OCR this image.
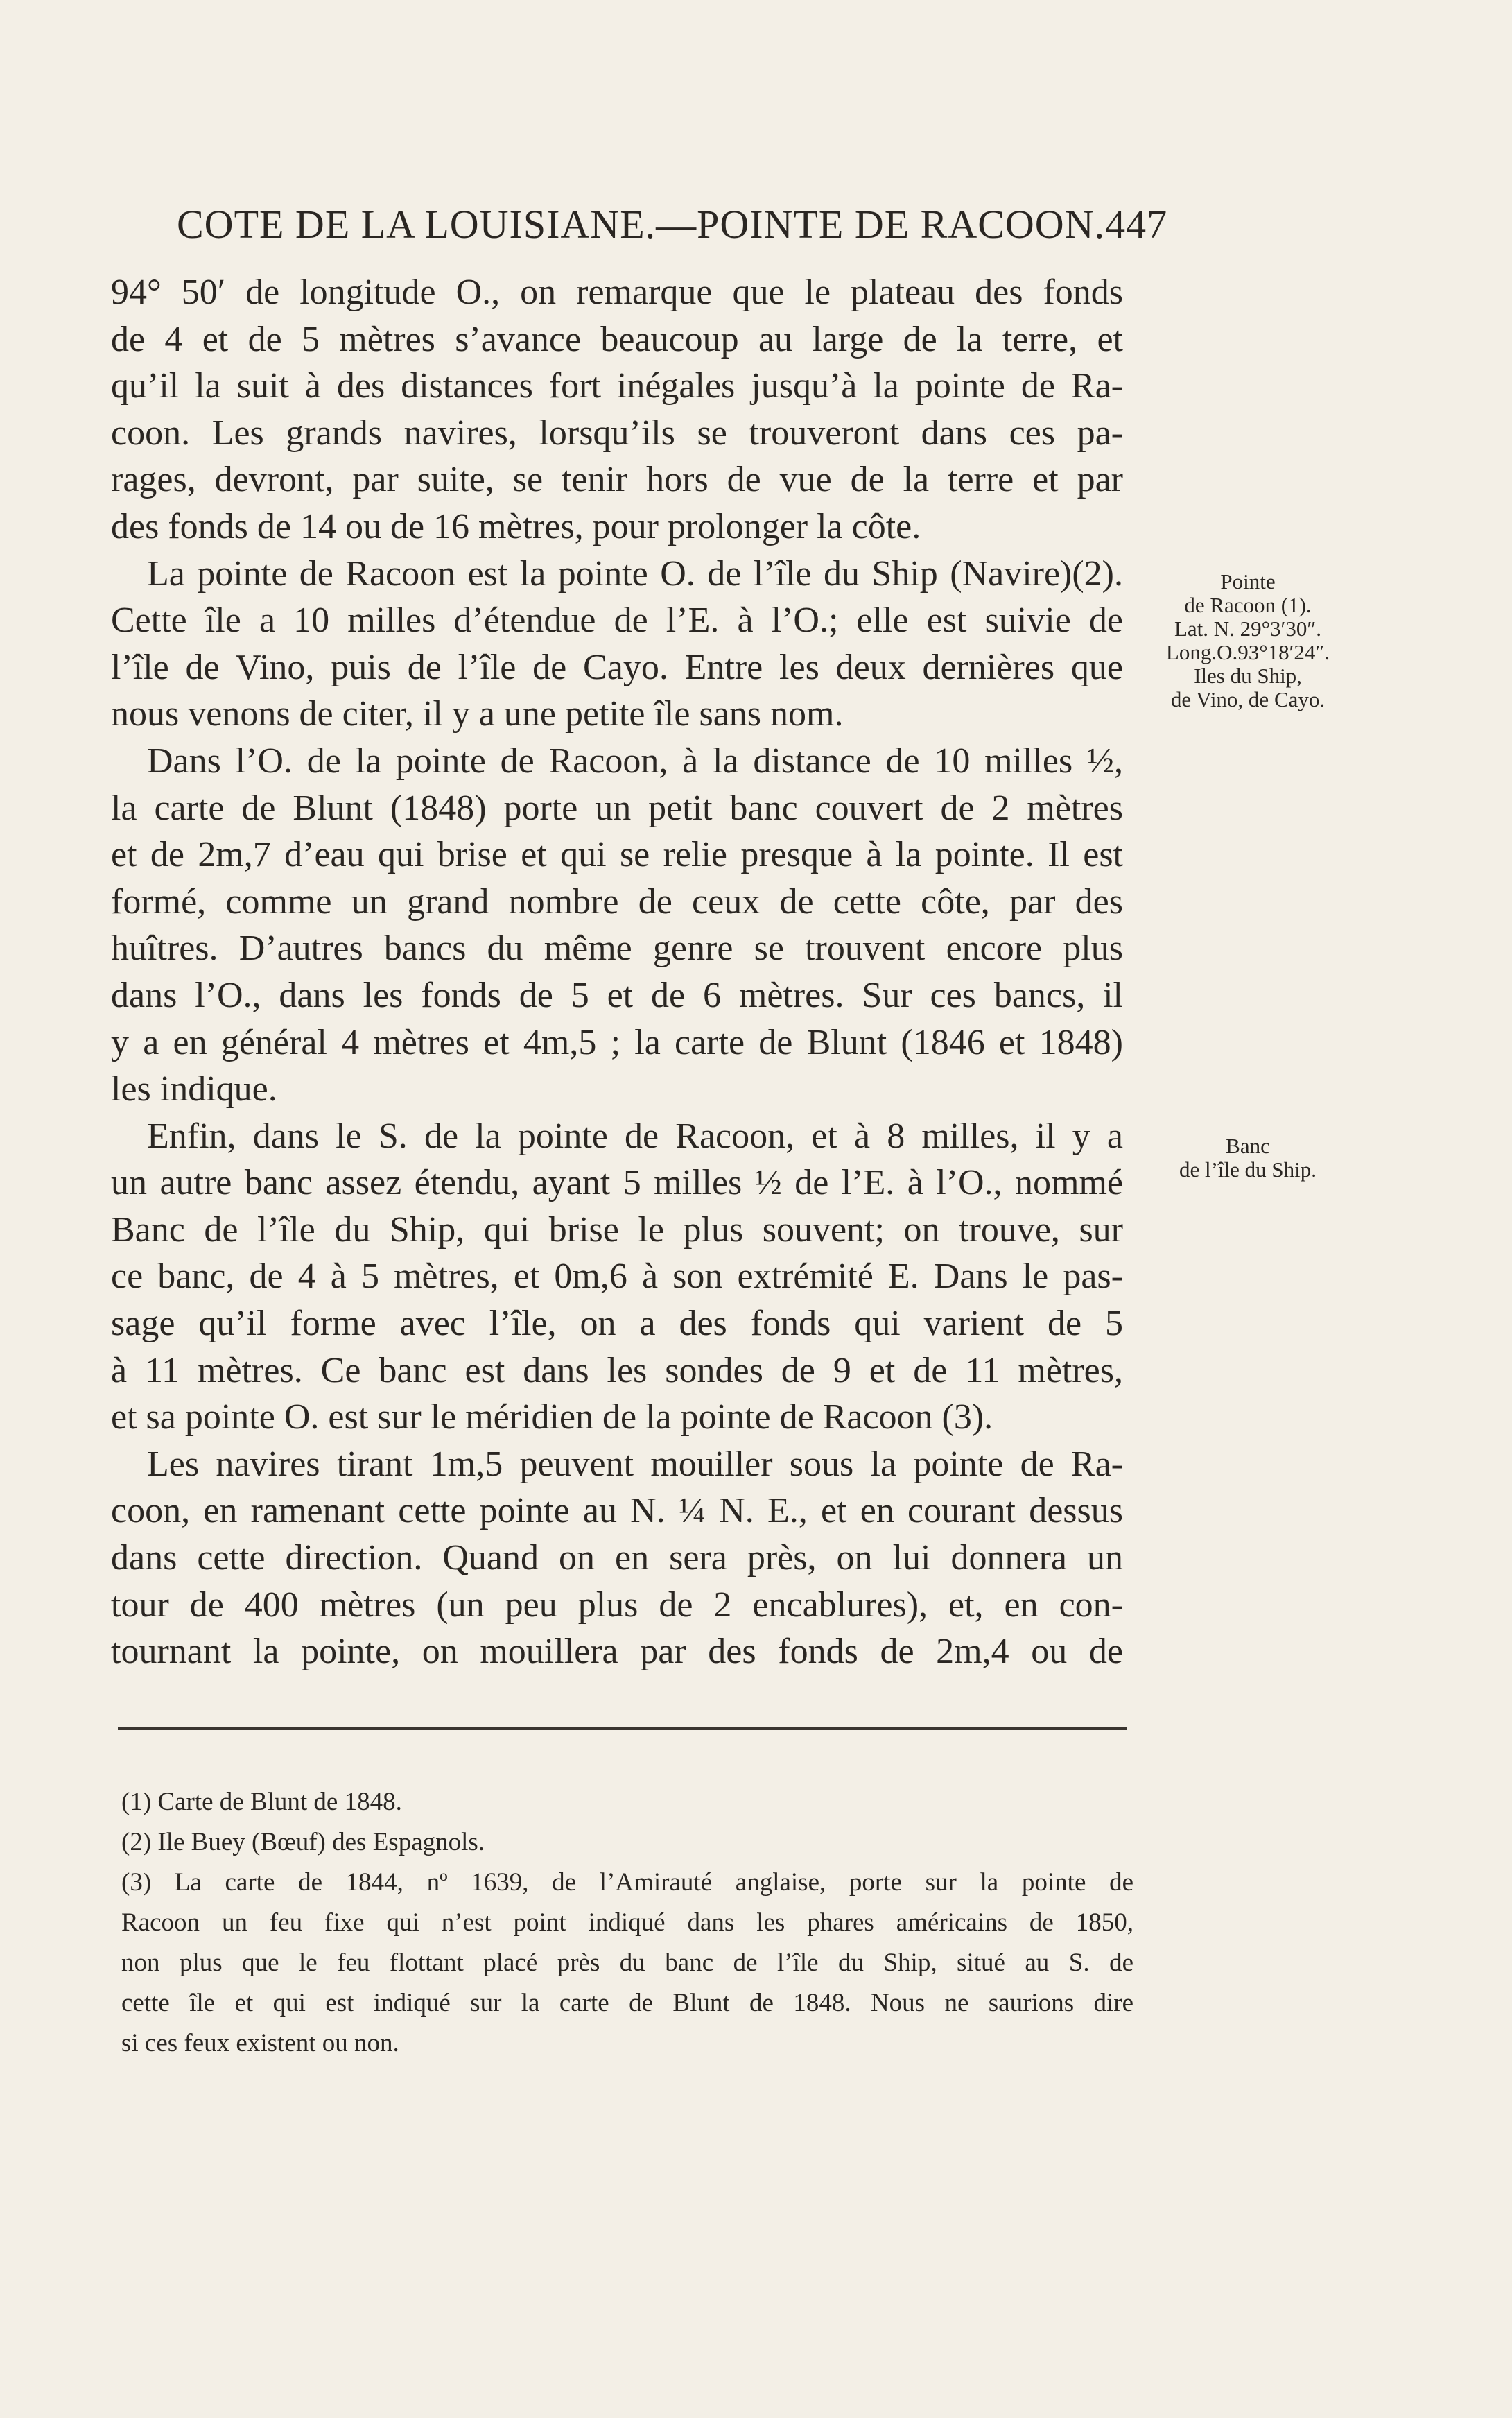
COTE DE LA LOUISIANE.—POINTE DE RACOON. 447
94° 50′ de longitude O., on remarque que le plateau des fonds
de 4 et de 5 mètres s’avance beaucoup au large de la terre, et
qu’il la suit à des distances fort inégales jusqu’à la pointe de Ra-
coon. Les grands navires, lorsqu’ils se trouveront dans ces pa-
rages, devront, par suite, se tenir hors de vue de la terre et par
des fonds de 14 ou de 16 mètres, pour prolonger la côte.
La pointe de Racoon est la pointe O. de l’île du Ship (Navire)(2).
Cette île a 10 milles d’étendue de l’E. à l’O.; elle est suivie de
l’île de Vino, puis de l’île de Cayo. Entre les deux dernières que
nous venons de citer, il y a une petite île sans nom.
Dans l’O. de la pointe de Racoon, à la distance de 10 milles ½,
la carte de Blunt (1848) porte un petit banc couvert de 2 mètres
et de 2m,7 d’eau qui brise et qui se relie presque à la pointe. Il est
formé, comme un grand nombre de ceux de cette côte, par des
huîtres. D’autres bancs du même genre se trouvent encore plus
dans l’O., dans les fonds de 5 et de 6 mètres. Sur ces bancs, il
y a en général 4 mètres et 4m,5 ; la carte de Blunt (1846 et 1848)
les indique.
Enfin, dans le S. de la pointe de Racoon, et à 8 milles, il y a
un autre banc assez étendu, ayant 5 milles ½ de l’E. à l’O., nommé
Banc de l’île du Ship, qui brise le plus souvent; on trouve, sur
ce banc, de 4 à 5 mètres, et 0m,6 à son extrémité E. Dans le pas-
sage qu’il forme avec l’île, on a des fonds qui varient de 5
à 11 mètres. Ce banc est dans les sondes de 9 et de 11 mètres,
et sa pointe O. est sur le méridien de la pointe de Racoon (3).
Les navires tirant 1m,5 peuvent mouiller sous la pointe de Ra-
coon, en ramenant cette pointe au N. ¼ N. E., et en courant dessus
dans cette direction. Quand on en sera près, on lui donnera un
tour de 400 mètres (un peu plus de 2 encablures), et, en con-
tournant la pointe, on mouillera par des fonds de 2m,4 ou de
Pointe
de Racoon (1).
Lat. N. 29°3′30″.
Long.O.93°18′24″.
Iles du Ship,
de Vino, de Cayo.
Banc
de l’île du Ship.
(1) Carte de Blunt de 1848.
(2) Ile Buey (Bœuf) des Espagnols.
(3) La carte de 1844, nº 1639, de l’Amirauté anglaise, porte sur la pointe de
Racoon un feu fixe qui n’est point indiqué dans les phares américains de 1850,
non plus que le feu flottant placé près du banc de l’île du Ship, situé au S. de
cette île et qui est indiqué sur la carte de Blunt de 1848. Nous ne saurions dire
si ces feux existent ou non.
